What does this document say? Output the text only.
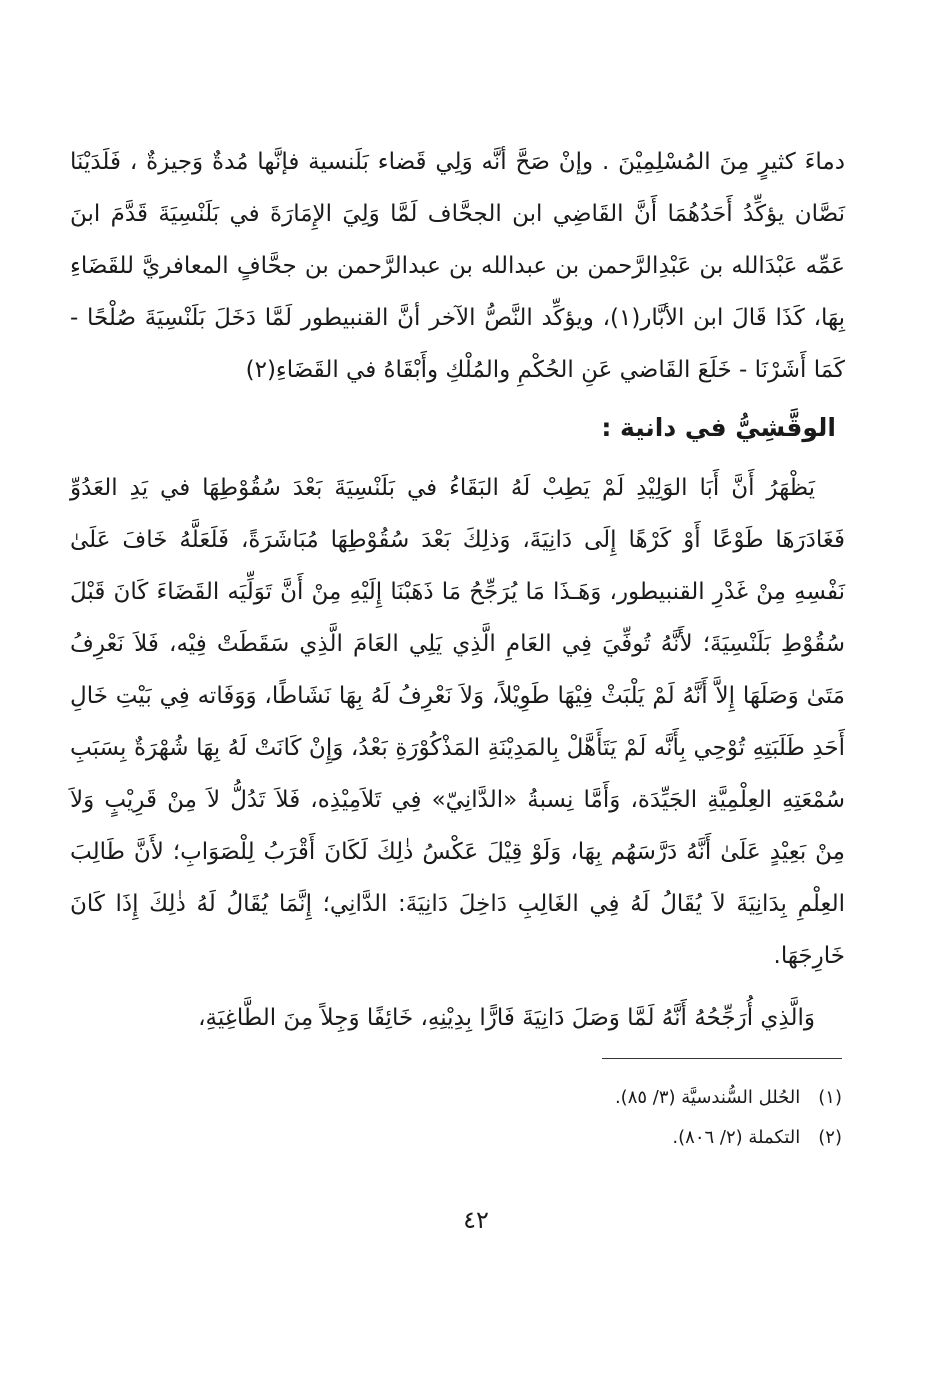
دماءَ كثيرٍ مِنَ المُسْلِمِيْنَ . وإنْ صَحَّ أنَّه وَلِي قَضاء بَلَنسية فإنَّها مُدةٌ وَجيزةٌ ، فَلَدَيْنَا نَصَّان يؤكِّدُ أَحَدُهُمَا أَنَّ القَاضِي ابن الجحَّاف لَمَّا وَلِيَ الإِمَارَةَ في بَلَنْسِيَةَ قَدَّمَ ابنَ عَمِّه عَبْدَالله بن عَبْدِالرَّحمن بن عبدالله بن عبدالرَّحمن بن جحَّافٍ المعافريَّ للقَضَاءِ بِهَا، كَذَا قَالَ ابن الأبَّار(١)، ويؤكِّد النَّصُّ الآخر أنَّ القنبيطور لَمَّا دَخَلَ بَلَنْسِيَةَ صُلْحًا - كَمَا أَشَرْنَا - خَلَعَ القَاضي عَنِ الحُكْمِ والمُلْكِ وأَبْقَاهُ في القَضَاءِ(٢)

الوقَّشِيُّ في دانية :

يَظْهَرُ أَنَّ أَبَا الوَلِيْدِ لَمْ يَطِبْ لَهُ البَقَاءُ في بَلَنْسِيَةَ بَعْدَ سُقُوْطِهَا في يَدِ العَدُوِّ فَغَادَرَهَا طَوْعًا أَوْ كَرْهًا إِلَى دَانِيَةَ، وَذلِكَ بَعْدَ سُقُوْطِهَا مُبَاشَرَةً، فَلَعَلَّهُ خَافَ عَلَىٰ نَفْسِهِ مِنْ غَدْرِ القنبيطور، وَهَـذَا مَا يُرَجِّحُ مَا ذَهَبْنَا إِلَيْهِ مِنْ أَنَّ تَوَلِّيَه القَضَاءَ كَانَ قَبْلَ سُقُوْطِ بَلَنْسِيَةَ؛ لأَنَّهُ تُوفِّيَ فِي العَامِ الَّذِي يَلِي العَامَ الَّذِي سَقَطَتْ فِيْه، فَلاَ نَعْرِفُ مَتَىٰ وَصَلَهَا إِلاَّ أَنَّهُ لَمْ يَلْبَثْ فِيْهَا طَوِيْلاً، وَلاَ نَعْرِفُ لَهُ بِهَا نَشَاطًا، وَوَفَاته فِي بَيْتِ خَالِ أَحَدِ طَلَبَتِهِ تُوْحِي بِأَنَّه لَمْ يَتَأَهَّلْ بِالمَدِيْنَةِ المَذْكُوْرَةِ بَعْدُ، وَإِنْ كَانَتْ لَهُ بِهَا شُهْرَةٌ بِسَبَبِ سُمْعَتِهِ العِلْمِيَّةِ الجَيِّدَة، وَأَمَّا نِسبةُ «الدَّانِيّ» فِي تَلاَمِيْذِه، فَلاَ تَدُلُّ لاَ مِنْ قَرِيْبٍ وَلاَ مِنْ بَعِيْدٍ عَلَىٰ أَنَّهُ دَرَّسَهُم بِهَا، وَلَوْ قِيْلَ عَكْسُ ذٰلِكَ لَكَانَ أَقْرَبُ لِلْصَوَابِ؛ لأَنَّ طَالِبَ العِلْمِ بِدَانِيَةَ لاَ يُقَالُ لَهُ فِي الغَالِبِ دَاخِلَ دَانِيَةَ: الدَّانِي؛ إِنَّمَا يُقَالُ لَهُ ذٰلِكَ إِذَا كَانَ خَارِجَهَا.

وَالَّذِي أُرَجِّحُهُ أَنَّهُ لَمَّا وَصَلَ دَانِيَةَ فَارًّا بِدِيْنِهِ، خَائِفًا وَجِلاً مِنَ الطَّاغِيَةِ،

(١)الحُلل السُّندسيَّة (٣/ ٨٥).
(٢)التكملة (٢/ ٨٠٦).
٤٢
